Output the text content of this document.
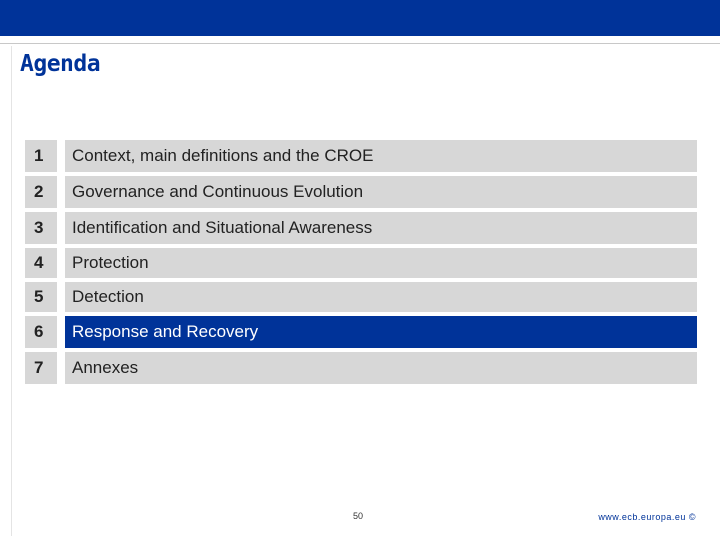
Agenda
1	Context, main definitions and the CROE
2	Governance and Continuous Evolution
3	Identification and Situational Awareness
4	Protection
5	Detection
6	Response and Recovery
7	Annexes
50	www.ecb.europa.eu ©
